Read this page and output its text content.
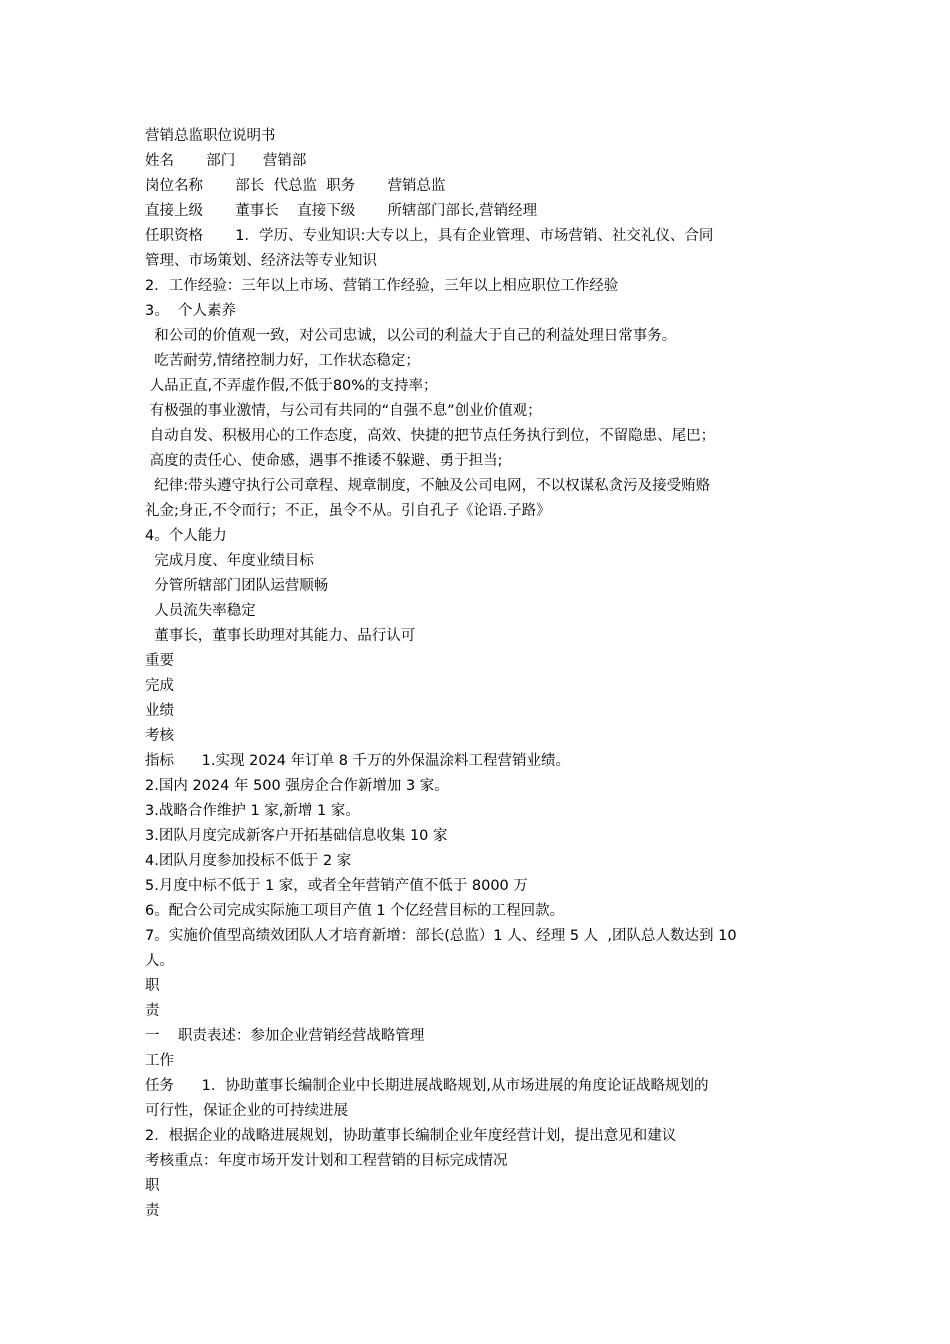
营销总监职位说明书
姓名       部门      营销部
岗位名称       部长  代总监  职务       营销总监
直接上级       董事长    直接下级       所辖部门部长,营销经理
任职资格       1．学历、专业知识:大专以上，具有企业管理、市场营销、社交礼仪、合同
管理、市场策划、经济法等专业知识
2．工作经验：三年以上市场、营销工作经验，三年以上相应职位工作经验
3。  个人素养
和公司的价值观一致，对公司忠诚，以公司的利益大于自己的利益处理日常事务。
吃苦耐劳,情绪控制力好，工作状态稳定；
人品正直,不弄虚作假,不低于80%的支持率；
有极强的事业激情，与公司有共同的“自强不息”创业价值观；
自动自发、积极用心的工作态度，高效、快捷的把节点任务执行到位，不留隐患、尾巴；
高度的责任心、使命感，遇事不推诿不躲避、勇于担当;
纪律:带头遵守执行公司章程、规章制度，不触及公司电网，不以权谋私贪污及接受贿赂
礼金;身正,不令而行；不正，虽令不从。引自孔子《论语.子路》
4。个人能力
完成月度、年度业绩目标
分管所辖部门团队运营顺畅
人员流失率稳定
董事长，董事长助理对其能力、品行认可
重要
完成
业绩
考核
指标      1.实现 2024 年订单 8 千万的外保温涂料工程营销业绩。
2.国内 2024 年 500 强房企合作新增加 3 家。
3.战略合作维护 1 家,新增 1 家。
3.团队月度完成新客户开拓基础信息收集 10 家
4.团队月度参加投标不低于 2 家
5.月度中标不低于 1 家，或者全年营销产值不低于 8000 万
6。配合公司完成实际施工项目产值 1 个亿经营目标的工程回款。
7。实施价值型高绩效团队人才培育新增：部长(总监）1 人、经理 5 人  ,团队总人数达到 10
人。
职
责
一    职责表述：参加企业营销经营战略管理
工作
任务      1．协助董事长编制企业中长期进展战略规划,从市场进展的角度论证战略规划的
可行性，保证企业的可持续进展
2．根据企业的战略进展规划，协助董事长编制企业年度经营计划，提出意见和建议
考核重点：年度市场开发计划和工程营销的目标完成情况
职
责
